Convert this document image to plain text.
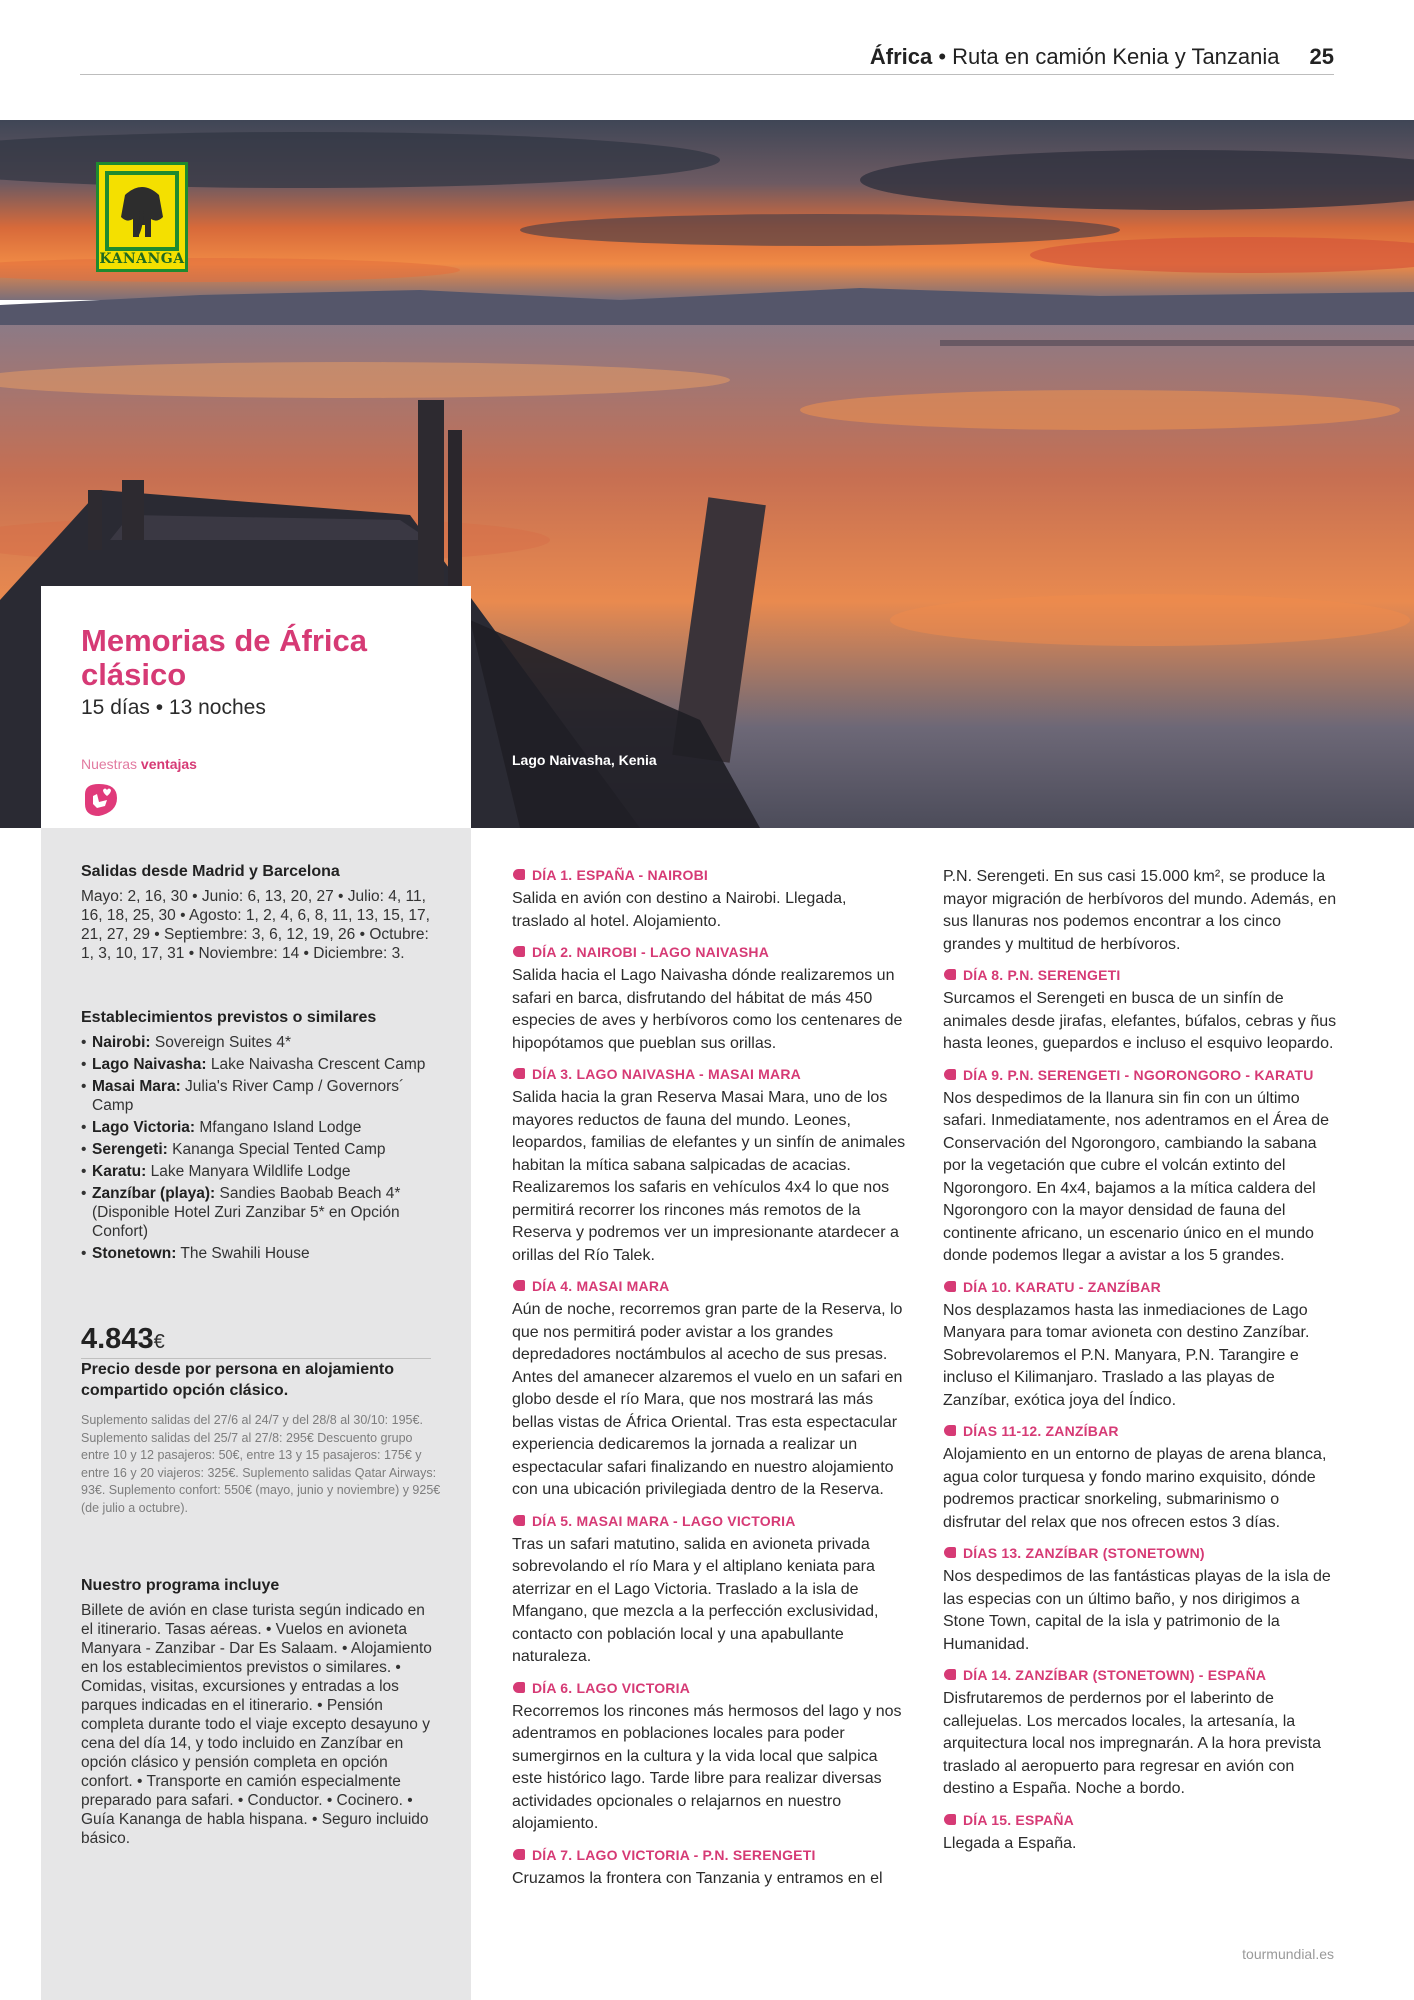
África • Ruta en camión Kenia y Tanzania 25
KANANGA
Lago Naivasha, Kenia
Memorias de África clásico
15 días • 13 noches
Nuestras ventajas
Salidas desde Madrid y Barcelona
Mayo: 2, 16, 30 • Junio: 6, 13, 20, 27 • Julio: 4, 11, 16, 18, 25, 30 • Agosto: 1, 2, 4, 6, 8, 11, 13, 15, 17, 21, 27, 29 • Septiembre: 3, 6, 12, 19, 26 • Octubre: 1, 3, 10, 17, 31 • Noviembre: 14 • Diciembre: 3.
Establecimientos previstos o similares
• Nairobi: Sovereign Suites 4*
• Lago Naivasha: Lake Naivasha Crescent Camp
• Masai Mara: Julia's River Camp / Governors´ Camp
• Lago Victoria: Mfangano Island Lodge
• Serengeti: Kananga Special Tented Camp
• Karatu: Lake Manyara Wildlife Lodge
• Zanzíbar (playa): Sandies Baobab Beach 4* (Disponible Hotel Zuri Zanzibar 5* en Opción Confort)
• Stonetown: The Swahili House
4.843€

Precio desde por persona en alojamiento compartido opción clásico.

Suplemento salidas del 27/6 al 24/7 y del 28/8 al 30/10: 195€. Suplemento salidas del 25/7 al 27/8: 295€ Descuento grupo entre 10 y 12 pasajeros: 50€, entre 13 y 15 pasajeros: 175€ y entre 16 y 20 viajeros: 325€. Suplemento salidas Qatar Airways: 93€. Suplemento confort: 550€ (mayo, junio y noviembre) y 925€ (de julio a octubre).

Nuestro programa incluye
Billete de avión en clase turista según indicado en el itinerario. Tasas aéreas. • Vuelos en avioneta Manyara - Zanzibar - Dar Es Salaam. • Alojamiento en los establecimientos previstos o similares. • Comidas, visitas, excursiones y entradas a los parques indicadas en el itinerario. • Pensión completa durante todo el viaje excepto desayuno y cena del día 14, y todo incluido en Zanzíbar en opción clásico y pensión completa en opción confort. • Transporte en camión especialmente preparado para safari. • Conductor. • Cocinero. • Guía Kananga de habla hispana. • Seguro incluido básico.
DÍA 1. ESPAÑA - NAIROBI

Salida en avión con destino a Nairobi. Llegada, traslado al hotel. Alojamiento.

DÍA 2. NAIROBI - LAGO NAIVASHA

Salida hacia el Lago Naivasha dónde realizaremos un safari en barca, disfrutando del hábitat de más 450 especies de aves y herbívoros como los centenares de hipopótamos que pueblan sus orillas.

DÍA 3. LAGO NAIVASHA - MASAI MARA

Salida hacia la gran Reserva Masai Mara, uno de los mayores reductos de fauna del mundo. Leones, leopardos, familias de elefantes y un sinfín de animales habitan la mítica sabana salpicadas de acacias. Realizaremos los safaris en vehículos 4x4 lo que nos permitirá recorrer los rincones más remotos de la Reserva y podremos ver un impresionante atardecer a orillas del Río Talek.

DÍA 4. MASAI MARA

Aún de noche, recorremos gran parte de la Reserva, lo que nos permitirá poder avistar a los grandes depredadores noctámbulos al acecho de sus presas. Antes del amanecer alzaremos el vuelo en un safari en globo desde el río Mara, que nos mostrará las más bellas vistas de África Oriental. Tras esta espectacular experiencia dedicaremos la jornada a realizar un espectacular safari finalizando en nuestro alojamiento con una ubicación privilegiada dentro de la Reserva.

DÍA 5. MASAI MARA - LAGO VICTORIA

Tras un safari matutino, salida en avioneta privada sobrevolando el río Mara y el altiplano keniata para aterrizar en el Lago Victoria. Traslado a la isla de Mfangano, que mezcla a la perfección exclusividad, contacto con población local y una apabullante naturaleza.

DÍA 6. LAGO VICTORIA

Recorremos los rincones más hermosos del lago y nos adentramos en poblaciones locales para poder sumergirnos en la cultura y la vida local que salpica este histórico lago. Tarde libre para realizar diversas actividades opcionales o relajarnos en nuestro alojamiento.

DÍA 7. LAGO VICTORIA - P.N. SERENGETI

Cruzamos la frontera con Tanzania y entramos en el

P.N. Serengeti. En sus casi 15.000 km², se produce la mayor migración de herbívoros del mundo. Además, en sus llanuras nos podemos encontrar a los cinco grandes y multitud de herbívoros.

DÍA 8. P.N. SERENGETI

Surcamos el Serengeti en busca de un sinfín de animales desde jirafas, elefantes, búfalos, cebras y ñus hasta leones, guepardos e incluso el esquivo leopardo.

DÍA 9. P.N. SERENGETI - NGORONGORO - KARATU

Nos despedimos de la llanura sin fin con un último safari. Inmediatamente, nos adentramos en el Área de Conservación del Ngorongoro, cambiando la sabana por la vegetación que cubre el volcán extinto del Ngorongoro. En 4x4, bajamos a la mítica caldera del Ngorongoro con la mayor densidad de fauna del continente africano, un escenario único en el mundo donde podemos llegar a avistar a los 5 grandes.

DÍA 10. KARATU - ZANZÍBAR

Nos desplazamos hasta las inmediaciones de Lago Manyara para tomar avioneta con destino Zanzíbar. Sobrevolaremos el P.N. Manyara, P.N. Tarangire e incluso el Kilimanjaro. Traslado a las playas de Zanzíbar, exótica joya del Índico.

DÍAS 11-12. ZANZÍBAR

Alojamiento en un entorno de playas de arena blanca, agua color turquesa y fondo marino exquisito, dónde podremos practicar snorkeling, submarinismo o disfrutar del relax que nos ofrecen estos 3 días.

DÍAS 13. ZANZÍBAR (STONETOWN)

Nos despedimos de las fantásticas playas de la isla de las especias con un último baño, y nos dirigimos a Stone Town, capital de la isla y patrimonio de la Humanidad.

DÍA 14. ZANZÍBAR (STONETOWN) - ESPAÑA

Disfrutaremos de perdernos por el laberinto de callejuelas. Los mercados locales, la artesanía, la arquitectura local nos impregnarán. A la hora prevista traslado al aeropuerto para regresar en avión con destino a España. Noche a bordo.

DÍA 15. ESPAÑA

Llegada a España.

tourmundial.es
